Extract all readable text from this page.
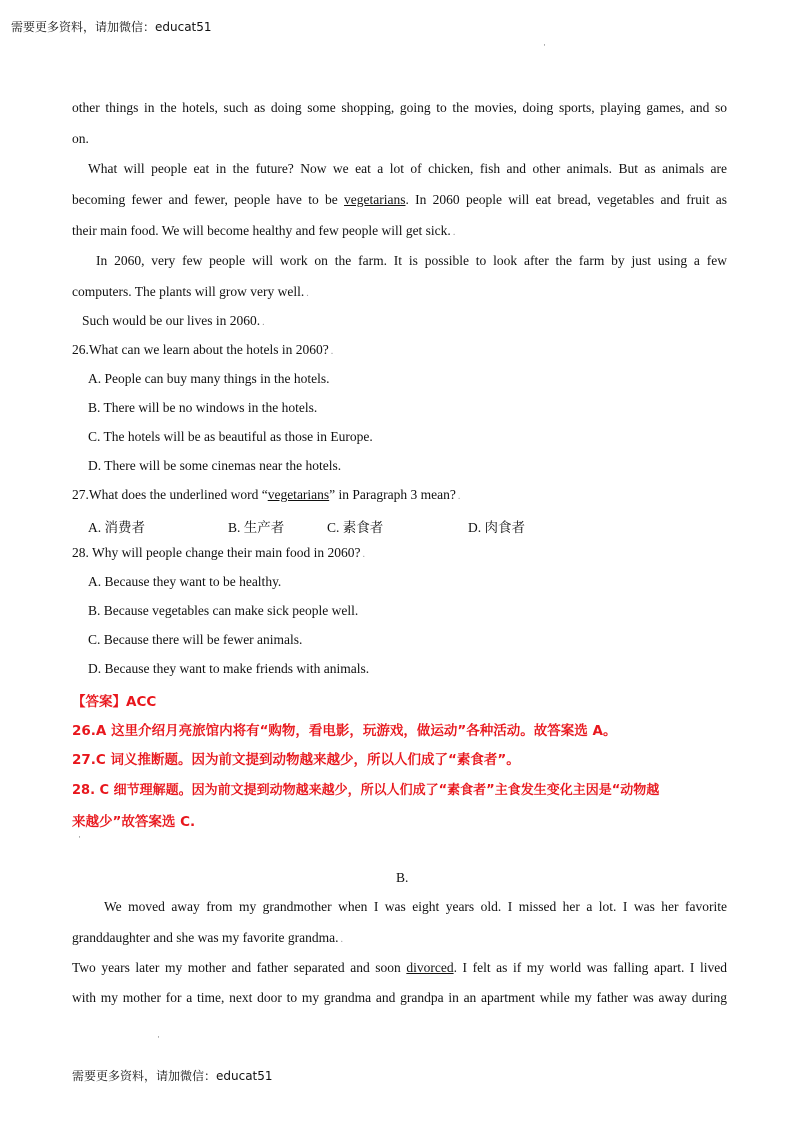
需要更多资料，请加微信：educat51
·
other things in the hotels, such as doing some shopping, going to the movies, doing sports, playing games, and so
on.
What will people eat in the future? Now we eat a lot of chicken, fish and other animals. But as animals are
becoming fewer and fewer, people have to be vegetarians. In 2060 people will eat bread, vegetables and fruit as
their main food. We will become healthy and few people will get sick. .
In 2060, very few people will work on the farm. It is possible to look after the farm by just using a few
computers. The plants will grow very well. .
Such would be our lives in 2060. .
26.What can we learn about the hotels in 2060? .
A. People can buy many things in the hotels.
B. There will be no windows in the hotels.
C. The hotels will be as beautiful as those in Europe.
D. There will be some cinemas near the hotels.
27.What does the underlined word “vegetarians” in Paragraph 3 mean? .
A. 消费者	B. 生产者	C. 素食者	D. 肉食者
28. Why will people change their main food in 2060? .
A. Because they want to be healthy.
B. Because vegetables can make sick people well.
C. Because there will be fewer animals.
D. Because they want to make friends with animals.
【答案】ACC
26.A 这里介绍月亮旅馆内将有“购物，看电影，玩游戏，做运动”各种活动。故答案选 A。
27.C 词义推断题。因为前文提到动物越来越少，所以人们成了“素食者”。
28. C 细节理解题。因为前文提到动物越来越少，所以人们成了“素食者”主食发生变化主因是“动物越
来越少”故答案选 C.
·
B.
We moved away from my grandmother when I was eight years old. I missed her a lot. I was her favorite
granddaughter and she was my favorite grandma. .
Two years later my mother and father separated and soon divorced. I felt as if my world was falling apart. I lived
with my mother for a time, next door to my grandma and grandpa in an apartment while my father was away during
·
需要更多资料，请加微信：educat51
